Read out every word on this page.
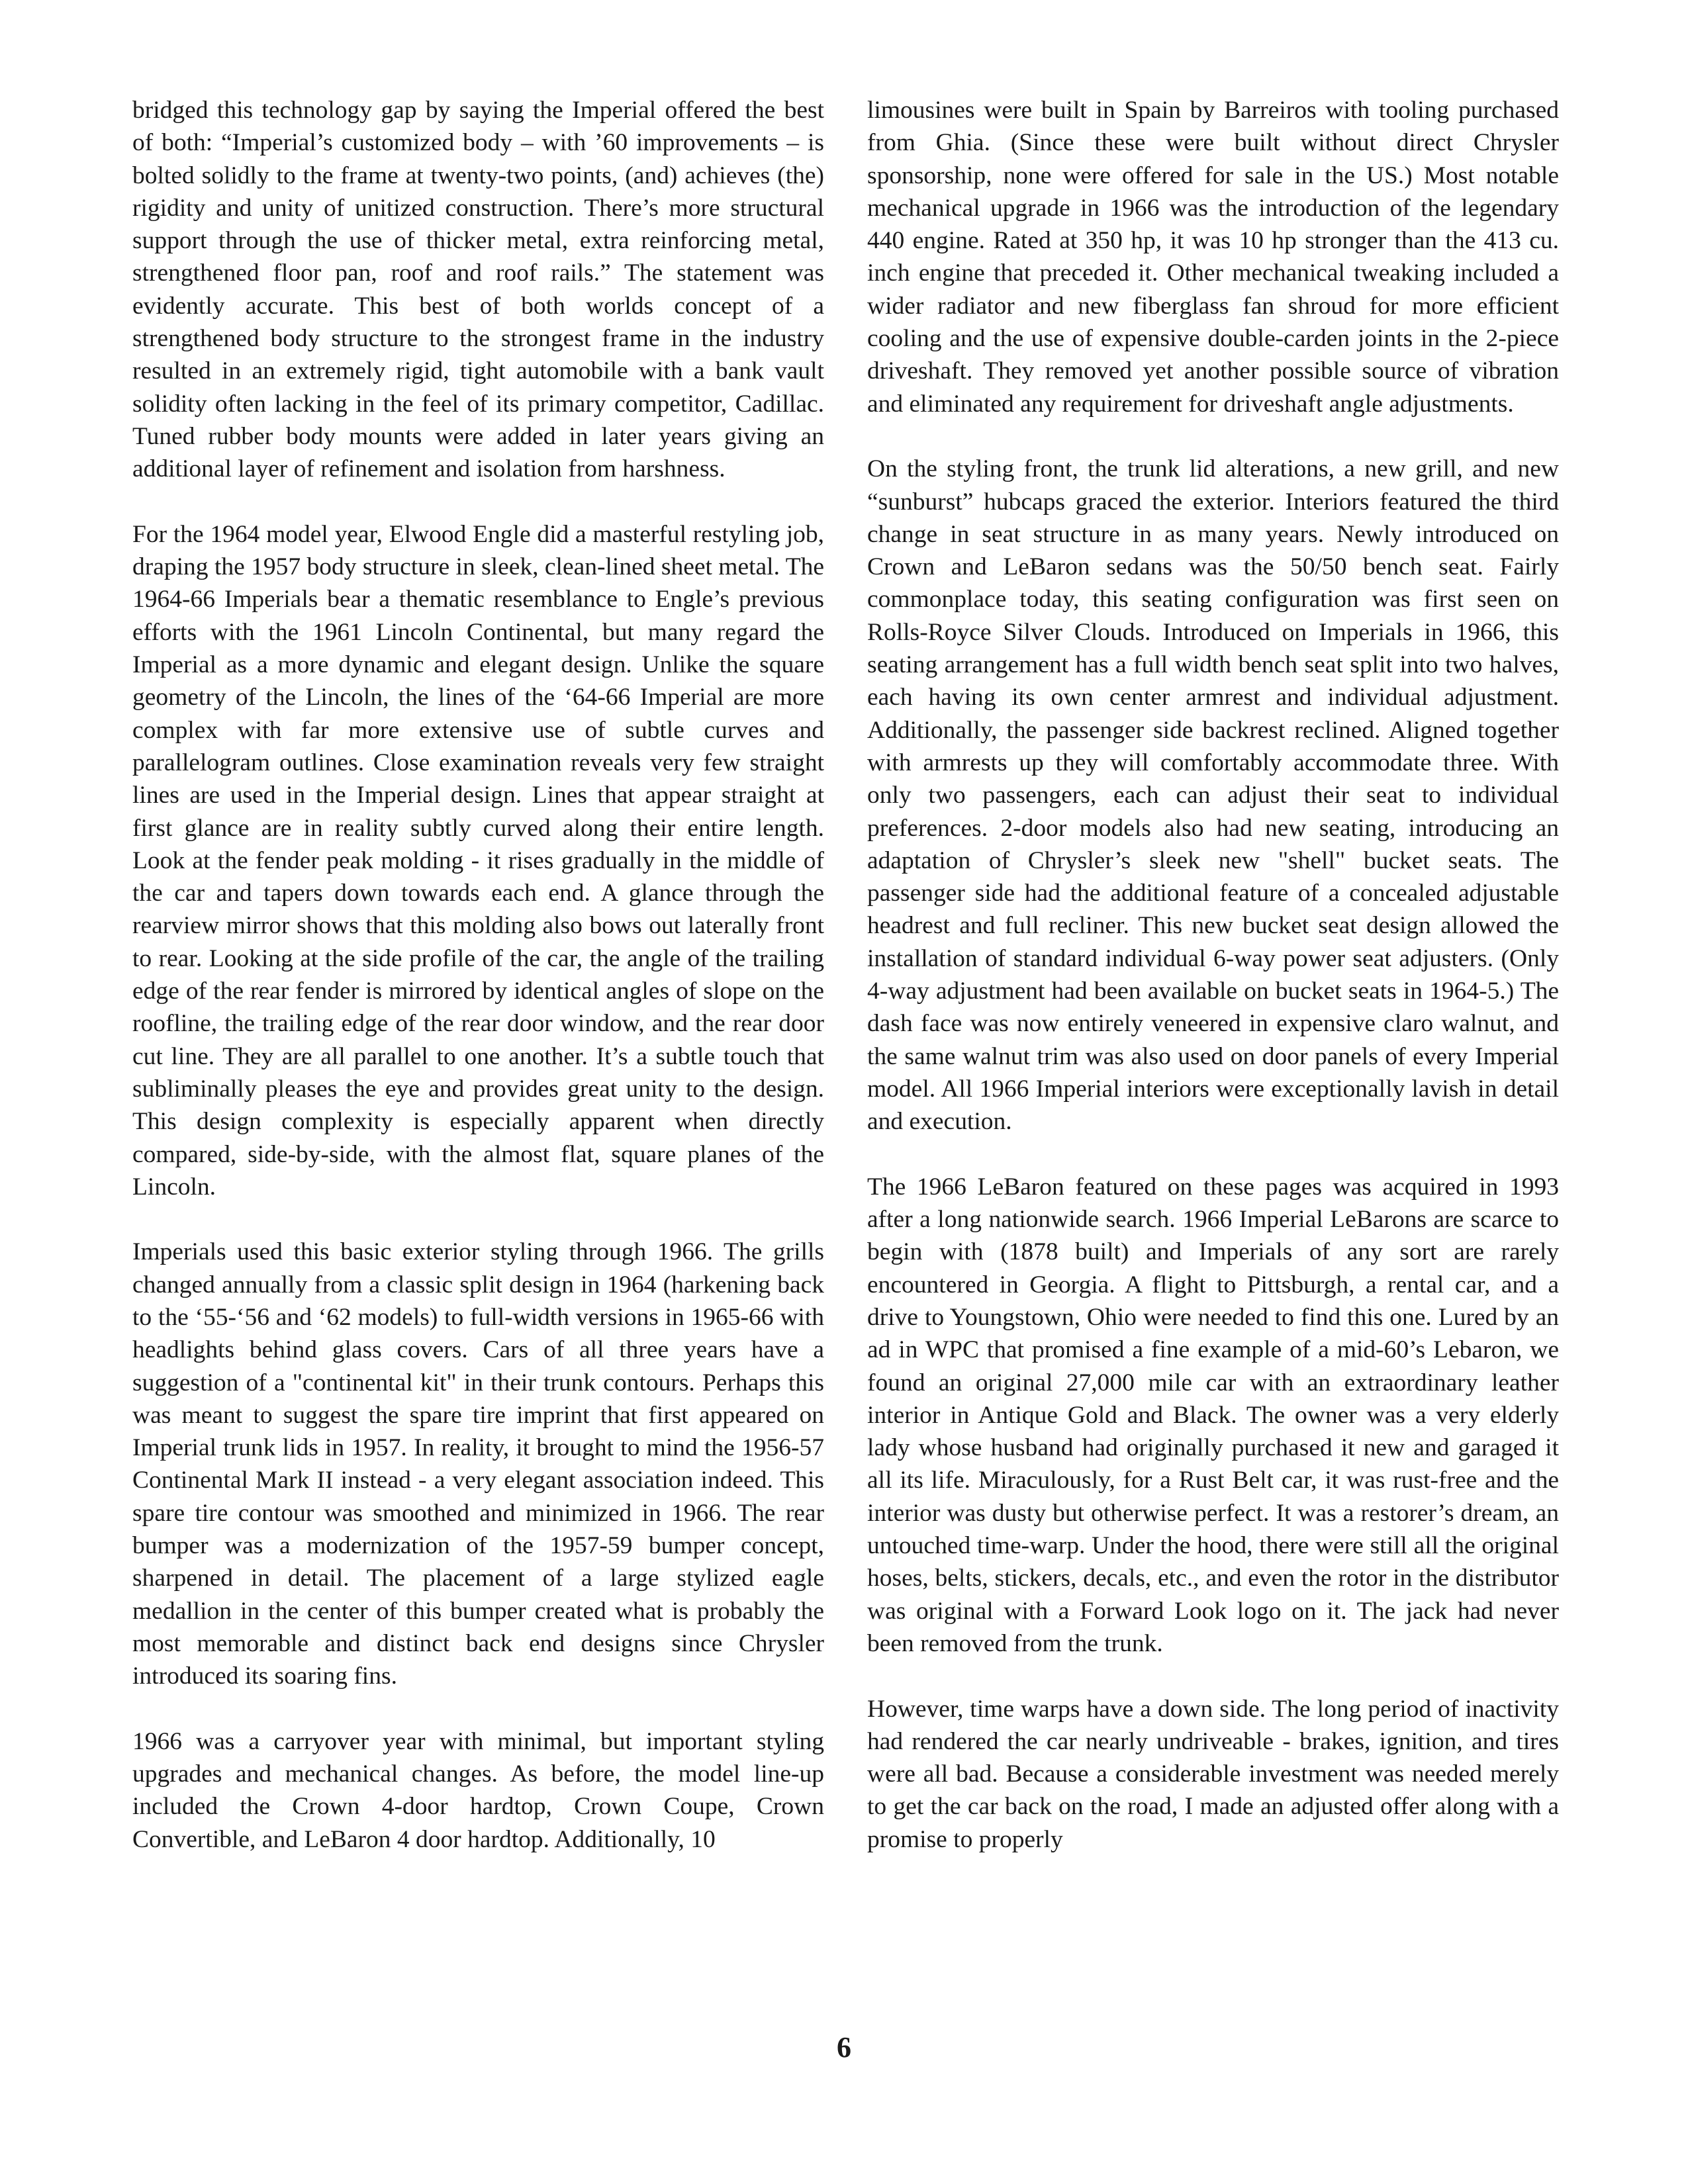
bridged this technology gap by saying the Imperial offered the best of both: “Imperial’s customized body – with ’60 improvements – is bolted solidly to the frame at twenty-two points, (and) achieves (the) rigidity and unity of unitized construction. There’s more structural support through the use of thicker metal, extra reinforcing metal, strengthened floor pan, roof and roof rails.” The statement was evidently accurate. This best of both worlds concept of a strengthened body structure to the strongest frame in the industry resulted in an extremely rigid, tight automobile with a bank vault solidity often lacking in the feel of its primary competitor, Cadillac. Tuned rubber body mounts were added in later years giving an additional layer of refinement and isolation from harshness.

For the 1964 model year, Elwood Engle did a masterful restyling job, draping the 1957 body structure in sleek, clean-lined sheet metal. The 1964-66 Imperials bear a thematic resemblance to Engle’s previous efforts with the 1961 Lincoln Continental, but many regard the Imperial as a more dynamic and elegant design. Unlike the square geometry of the Lincoln, the lines of the ‘64-66 Imperial are more complex with far more extensive use of subtle curves and parallelogram outlines. Close examination reveals very few straight lines are used in the Imperial design. Lines that appear straight at first glance are in reality subtly curved along their entire length. Look at the fender peak molding - it rises gradually in the middle of the car and tapers down towards each end. A glance through the rearview mirror shows that this molding also bows out laterally front to rear. Looking at the side profile of the car, the angle of the trailing edge of the rear fender is mirrored by identical angles of slope on the roofline, the trailing edge of the rear door window, and the rear door cut line. They are all parallel to one another. It’s a subtle touch that subliminally pleases the eye and provides great unity to the design. This design complexity is especially apparent when directly compared, side-by-side, with the almost flat, square planes of the Lincoln.

Imperials used this basic exterior styling through 1966. The grills changed annually from a classic split design in 1964 (harkening back to the ‘55-‘56 and ‘62 models) to full-width versions in 1965-66 with headlights behind glass covers. Cars of all three years have a suggestion of a "continental kit" in their trunk contours. Perhaps this was meant to suggest the spare tire imprint that first appeared on Imperial trunk lids in 1957. In reality, it brought to mind the 1956-57 Continental Mark II instead - a very elegant association indeed. This spare tire contour was smoothed and minimized in 1966. The rear bumper was a modernization of the 1957-59 bumper concept, sharpened in detail. The placement of a large stylized eagle medallion in the center of this bumper created what is probably the most memorable and distinct back end designs since Chrysler introduced its soaring fins.

1966 was a carryover year with minimal, but important styling upgrades and mechanical changes. As before, the model line-up included the Crown 4-door hardtop, Crown Coupe, Crown Convertible, and LeBaron 4 door hardtop. Additionally, 10

limousines were built in Spain by Barreiros with tooling purchased from Ghia. (Since these were built without direct Chrysler sponsorship, none were offered for sale in the US.) Most notable mechanical upgrade in 1966 was the introduction of the legendary 440 engine. Rated at 350 hp, it was 10 hp stronger than the 413 cu. inch engine that preceded it. Other mechanical tweaking included a wider radiator and new fiberglass fan shroud for more efficient cooling and the use of expensive double-carden joints in the 2-piece driveshaft. They removed yet another possible source of vibration and eliminated any requirement for driveshaft angle adjustments.

On the styling front, the trunk lid alterations, a new grill, and new “sunburst” hubcaps graced the exterior. Interiors featured the third change in seat structure in as many years. Newly introduced on Crown and LeBaron sedans was the 50/50 bench seat. Fairly commonplace today, this seating configuration was first seen on Rolls-Royce Silver Clouds. Introduced on Imperials in 1966, this seating arrangement has a full width bench seat split into two halves, each having its own center armrest and individual adjustment. Additionally, the passenger side backrest reclined. Aligned together with armrests up they will comfortably accommodate three. With only two passengers, each can adjust their seat to individual preferences. 2-door models also had new seating, introducing an adaptation of Chrysler’s sleek new "shell" bucket seats. The passenger side had the additional feature of a concealed adjustable headrest and full recliner. This new bucket seat design allowed the installation of standard individual 6-way power seat adjusters. (Only 4-way adjustment had been available on bucket seats in 1964-5.) The dash face was now entirely veneered in expensive claro walnut, and the same walnut trim was also used on door panels of every Imperial model. All 1966 Imperial interiors were exceptionally lavish in detail and execution.

The 1966 LeBaron featured on these pages was acquired in 1993 after a long nationwide search. 1966 Imperial LeBarons are scarce to begin with (1878 built) and Imperials of any sort are rarely encountered in Georgia. A flight to Pittsburgh, a rental car, and a drive to Youngstown, Ohio were needed to find this one. Lured by an ad in WPC that promised a fine example of a mid-60’s Lebaron, we found an original 27,000 mile car with an extraordinary leather interior in Antique Gold and Black. The owner was a very elderly lady whose husband had originally purchased it new and garaged it all its life. Miraculously, for a Rust Belt car, it was rust-free and the interior was dusty but otherwise perfect. It was a restorer’s dream, an untouched time-warp. Under the hood, there were still all the original hoses, belts, stickers, decals, etc., and even the rotor in the distributor was original with a Forward Look logo on it. The jack had never been removed from the trunk.

However, time warps have a down side. The long period of inactivity had rendered the car nearly undriveable - brakes, ignition, and tires were all bad. Because a considerable investment was needed merely to get the car back on the road, I made an adjusted offer along with a promise to properly

6
